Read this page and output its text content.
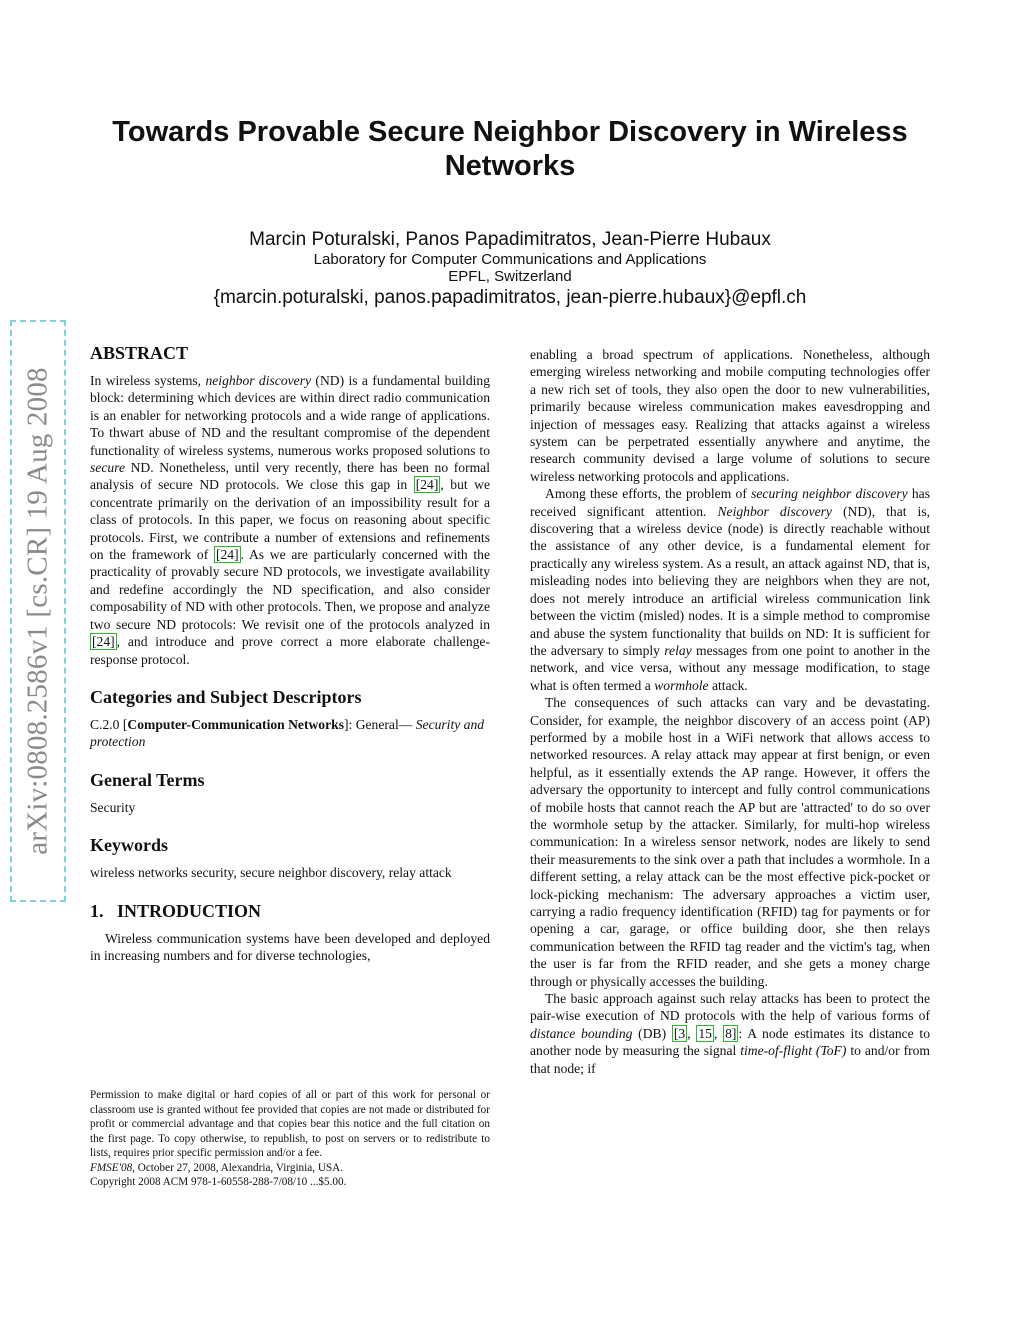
Towards Provable Secure Neighbor Discovery in Wireless Networks
Marcin Poturalski, Panos Papadimitratos, Jean-Pierre Hubaux
Laboratory for Computer Communications and Applications
EPFL, Switzerland
{marcin.poturalski, panos.papadimitratos, jean-pierre.hubaux}@epfl.ch
arXiv:0808.2586v1 [cs.CR] 19 Aug 2008
ABSTRACT

In wireless systems, neighbor discovery (ND) is a fundamental building block: determining which devices are within direct radio communication is an enabler for networking protocols and a wide range of applications. To thwart abuse of ND and the resultant compromise of the dependent functionality of wireless systems, numerous works proposed solutions to secure ND. Nonetheless, until very recently, there has been no formal analysis of secure ND protocols. We close this gap in [24] , but we concentrate primarily on the derivation of an impossibility result for a class of protocols. In this paper, we focus on reasoning about specific protocols. First, we contribute a number of extensions and refinements on the framework of [24] . As we are particularly concerned with the practicality of provably secure ND protocols, we investigate availability and redefine accordingly the ND specification, and also consider composability of ND with other protocols. Then, we propose and analyze two secure ND protocols: We revisit one of the protocols analyzed in [24] , and introduce and prove correct a more elaborate challenge-response protocol.

Categories and Subject Descriptors

C.2.0 [Computer-Communication Networks]: General— Security and protection

General Terms

Security

Keywords

wireless networks security, secure neighbor discovery, relay attack

1.   INTRODUCTION

Wireless communication systems have been developed and deployed in increasing numbers and for diverse technologies,

Permission to make digital or hard copies of all or part of this work for personal or classroom use is granted without fee provided that copies are not made or distributed for profit or commercial advantage and that copies bear this notice and the full citation on the first page. To copy otherwise, to republish, to post on servers or to redistribute to lists, requires prior specific permission and/or a fee.

FMSE'08, October 27, 2008, Alexandria, Virginia, USA.

Copyright 2008 ACM 978-1-60558-288-7/08/10 ...$5.00.

enabling a broad spectrum of applications. Nonetheless, although emerging wireless networking and mobile computing technologies offer a new rich set of tools, they also open the door to new vulnerabilities, primarily because wireless communication makes eavesdropping and injection of messages easy. Realizing that attacks against a wireless system can be perpetrated essentially anywhere and anytime, the research community devised a large volume of solutions to secure wireless networking protocols and applications.

Among these efforts, the problem of securing neighbor discovery has received significant attention. Neighbor discovery (ND), that is, discovering that a wireless device (node) is directly reachable without the assistance of any other device, is a fundamental element for practically any wireless system. As a result, an attack against ND, that is, misleading nodes into believing they are neighbors when they are not, does not merely introduce an artificial wireless communication link between the victim (misled) nodes. It is a simple method to compromise and abuse the system functionality that builds on ND: It is sufficient for the adversary to simply relay messages from one point to another in the network, and vice versa, without any message modification, to stage what is often termed a wormhole attack.

The consequences of such attacks can vary and be devastating. Consider, for example, the neighbor discovery of an access point (AP) performed by a mobile host in a WiFi network that allows access to networked resources. A relay attack may appear at first benign, or even helpful, as it essentially extends the AP range. However, it offers the adversary the opportunity to intercept and fully control communications of mobile hosts that cannot reach the AP but are 'attracted' to do so over the wormhole setup by the attacker. Similarly, for multi-hop wireless communication: In a wireless sensor network, nodes are likely to send their measurements to the sink over a path that includes a wormhole. In a different setting, a relay attack can be the most effective pick-pocket or lock-picking mechanism: The adversary approaches a victim user, carrying a radio frequency identification (RFID) tag for payments or for opening a car, garage, or office building door, she then relays communication between the RFID tag reader and the victim's tag, when the user is far from the RFID reader, and she gets a money charge through or physically accesses the building.

The basic approach against such relay attacks has been to protect the pair-wise execution of ND protocols with the help of various forms of distance bounding (DB) [3 , 15 , 8] : A node estimates its distance to another node by measuring the signal time-of-flight (ToF) to and/or from that node; if
